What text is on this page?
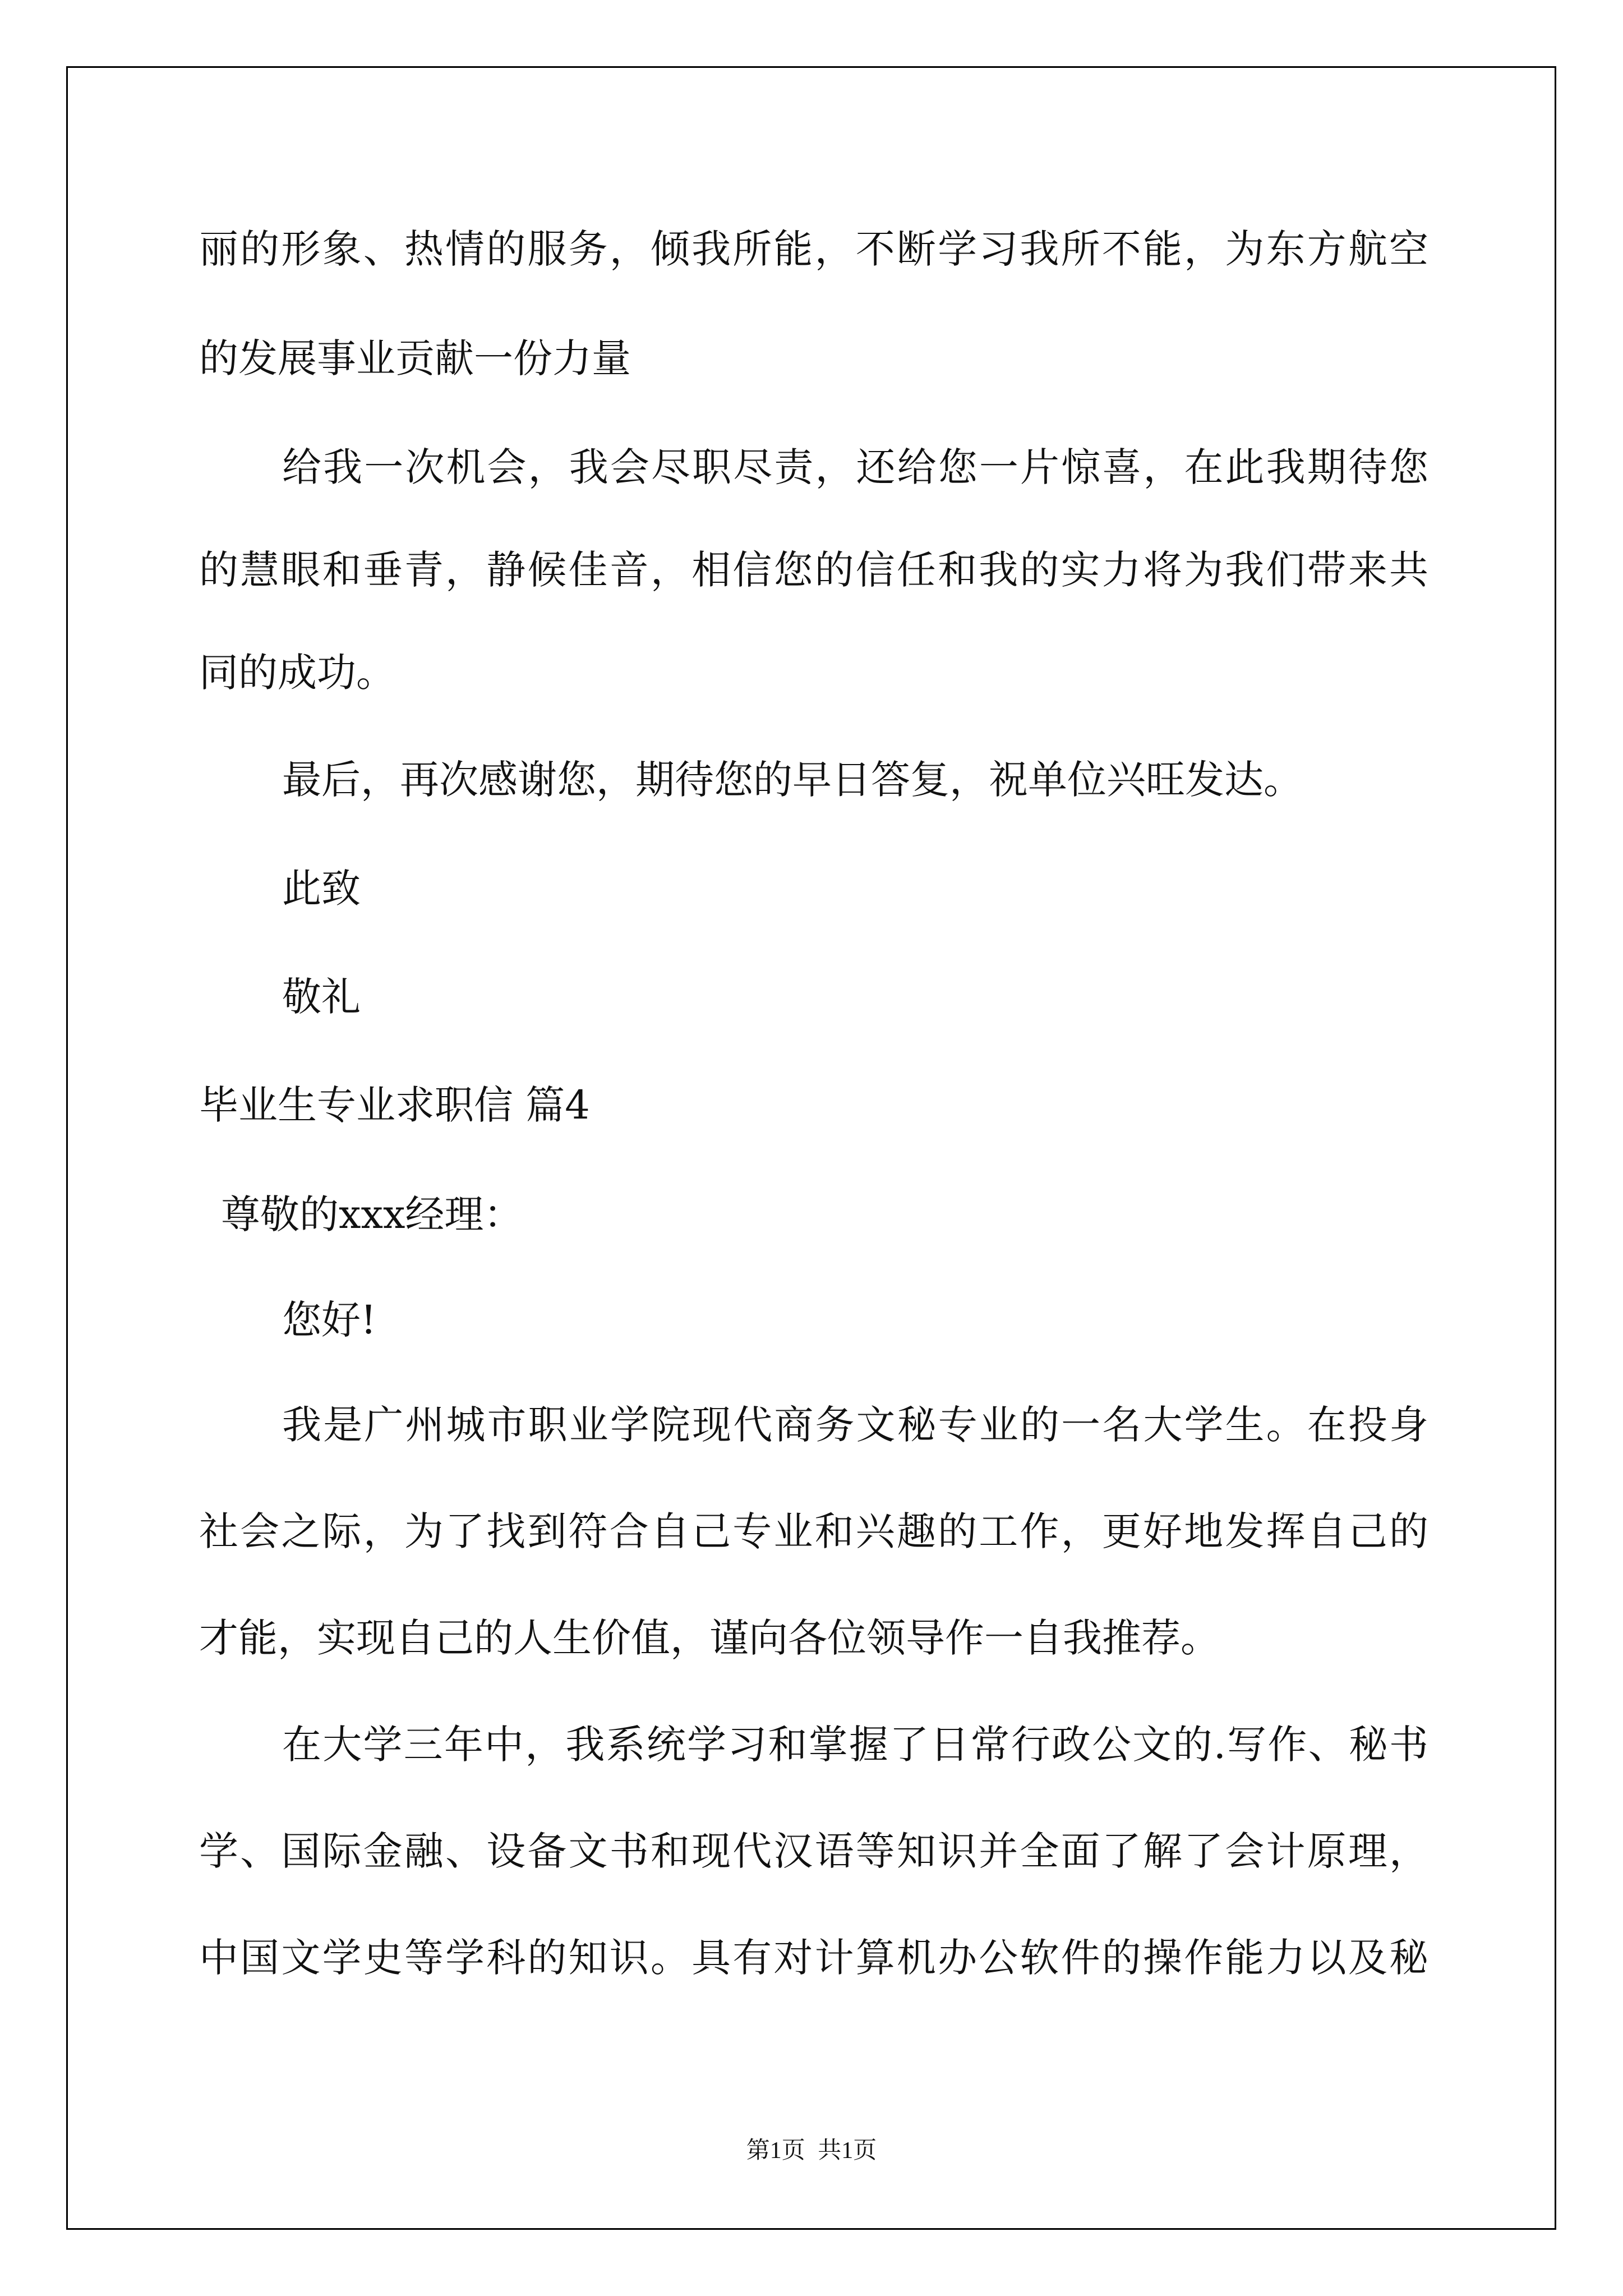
丽的形象、热情的服务，倾我所能，不断学习我所不能，为东方航空
的发展事业贡献一份力量
给我一次机会，我会尽职尽责，还给您一片惊喜，在此我期待您
的慧眼和垂青，静候佳音，相信您的信任和我的实力将为我们带来共
同的成功。
最后，再次感谢您，期待您的早日答复，祝单位兴旺发达。
此致
敬礼
毕业生专业求职信 篇4
尊敬的xxx经理：
您好!
我是广州城市职业学院现代商务文秘专业的一名大学生。在投身
社会之际，为了找到符合自己专业和兴趣的工作，更好地发挥自己的
才能，实现自己的人生价值，谨向各位领导作一自我推荐。
在大学三年中，我系统学习和掌握了日常行政公文的.写作、秘书
学、国际金融、设备文书和现代汉语等知识并全面了解了会计原理，
中国文学史等学科的知识。具有对计算机办公软件的操作能力以及秘
第1页 共1页
